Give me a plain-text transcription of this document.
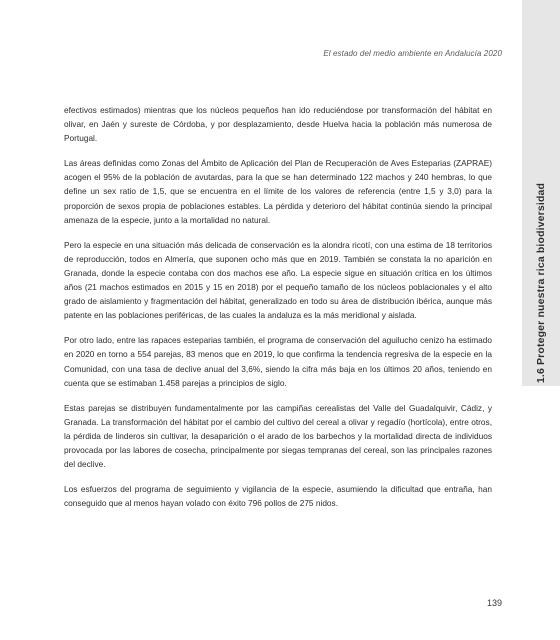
El estado del medio ambiente en Andalucía 2020
1.6 Proteger nuestra rica biodiversidad

efectivos estimados) mientras que los núcleos pequeños han ido reduciéndose por transformación del hábitat en olivar, en Jaén y sureste de Córdoba, y por desplazamiento, desde Huelva hacia la población más numerosa de Portugal.

Las áreas definidas como Zonas del Ámbito de Aplicación del Plan de Recuperación de Aves Esteparias (ZAPRAE) acogen el 95% de la población de avutardas, para la que se han determinado 122 machos y 240 hembras, lo que define un sex ratio de 1,5, que se encuentra en el límite de los valores de referencia (entre 1,5 y 3,0) para la proporción de sexos propia de poblaciones estables. La pérdida y deterioro del hábitat continúa siendo la principal amenaza de la especie, junto a la mortalidad no natural.

Pero la especie en una situación más delicada de conservación es la alondra ricotí, con una estima de 18 territorios de reproducción, todos en Almería, que suponen ocho más que en 2019. También se constata la no aparición en Granada, donde la especie contaba con dos machos ese año. La especie sigue en situación crítica en los últimos años (21 machos estimados en 2015 y 15 en 2018) por el pequeño tamaño de los núcleos poblacionales y el alto grado de aislamiento y fragmentación del hábitat, generalizado en todo su área de distribución ibérica, aunque más patente en las poblaciones periféricas, de las cuales la andaluza es la más meridional y aislada.

Por otro lado, entre las rapaces esteparias también, el programa de conservación del aguilucho cenizo ha estimado en 2020 en torno a 554 parejas, 83 menos que en 2019, lo que confirma la tendencia regresiva de la especie en la Comunidad, con una tasa de declive anual del 3,6%, siendo la cifra más baja en los últimos 20 años, teniendo en cuenta que se estimaban 1.458 parejas a principios de siglo.

Estas parejas se distribuyen fundamentalmente por las campiñas cerealistas del Valle del Guadalquivir, Cádiz, y Granada. La transformación del hábitat por el cambio del cultivo del cereal a olivar y regadío (hortícola), entre otros, la pérdida de linderos sin cultivar, la desaparición o el arado de los barbechos y la mortalidad directa de individuos provocada por las labores de cosecha, principalmente por siegas tempranas del cereal, son las principales razones del declive.

Los esfuerzos del programa de seguimiento y vigilancia de la especie, asumiendo la dificultad que entraña, han conseguido que al menos hayan volado con éxito 796 pollos de 275 nidos.

139
